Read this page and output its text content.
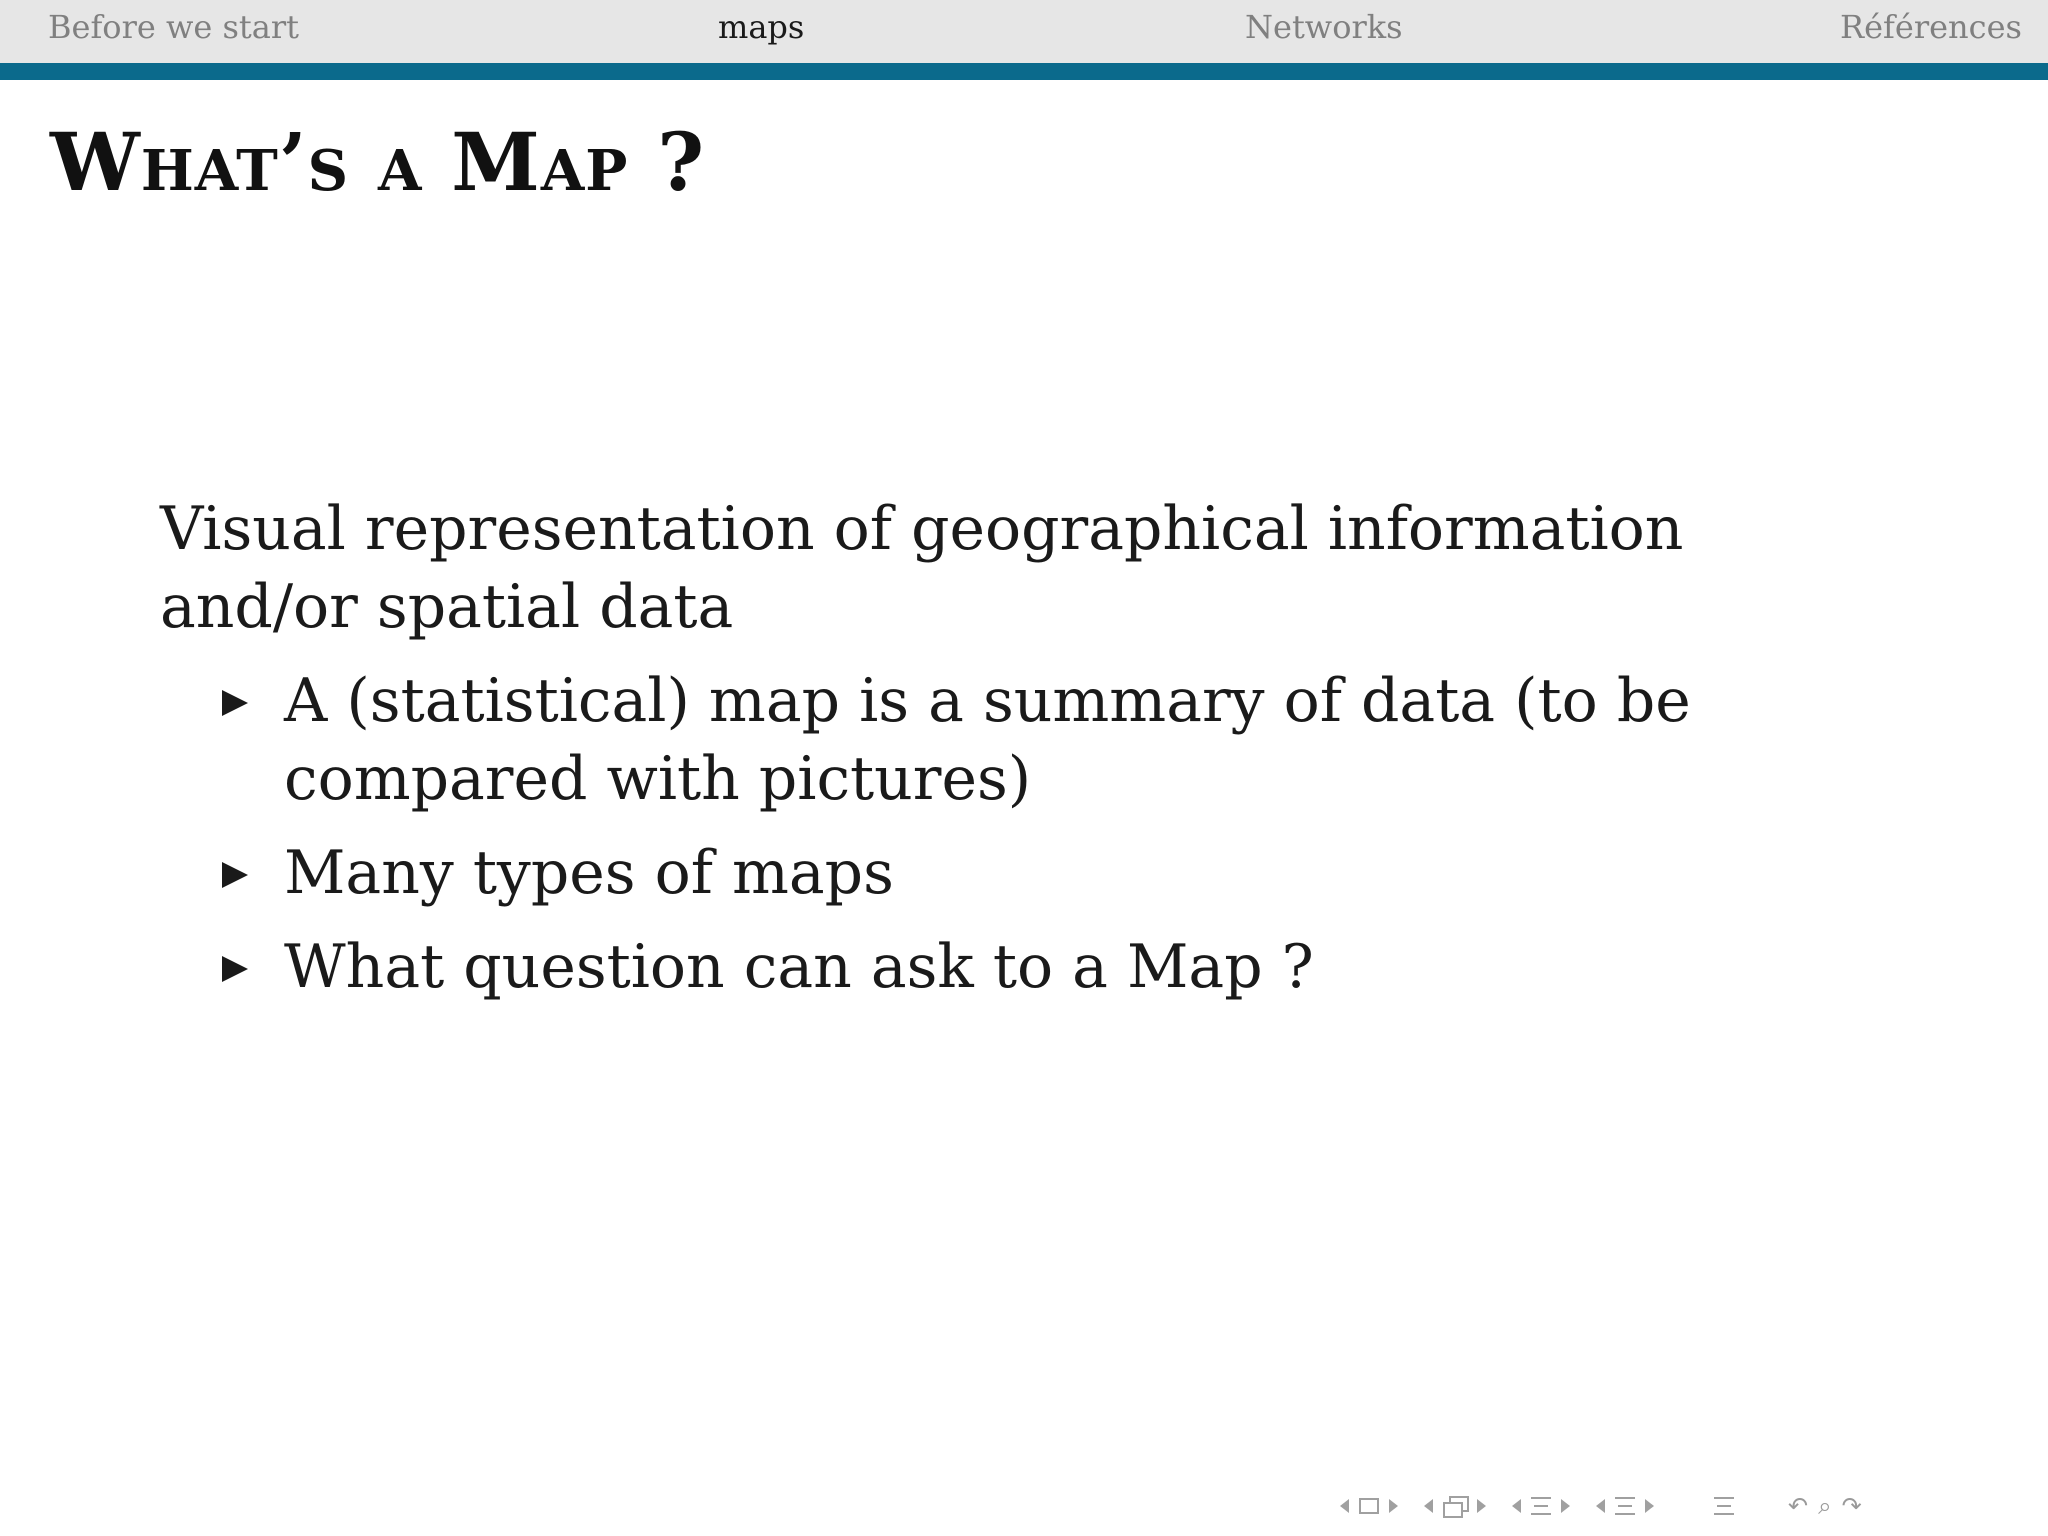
Before we start	maps	Networks	Références
What’s a Map ?

Visual representation of geographical information and/or spatial data

A (statistical) map is a summary of data (to be compared with pictures)
Many types of maps
What question can ask to a Map ?
↶ ⌕ ↷
